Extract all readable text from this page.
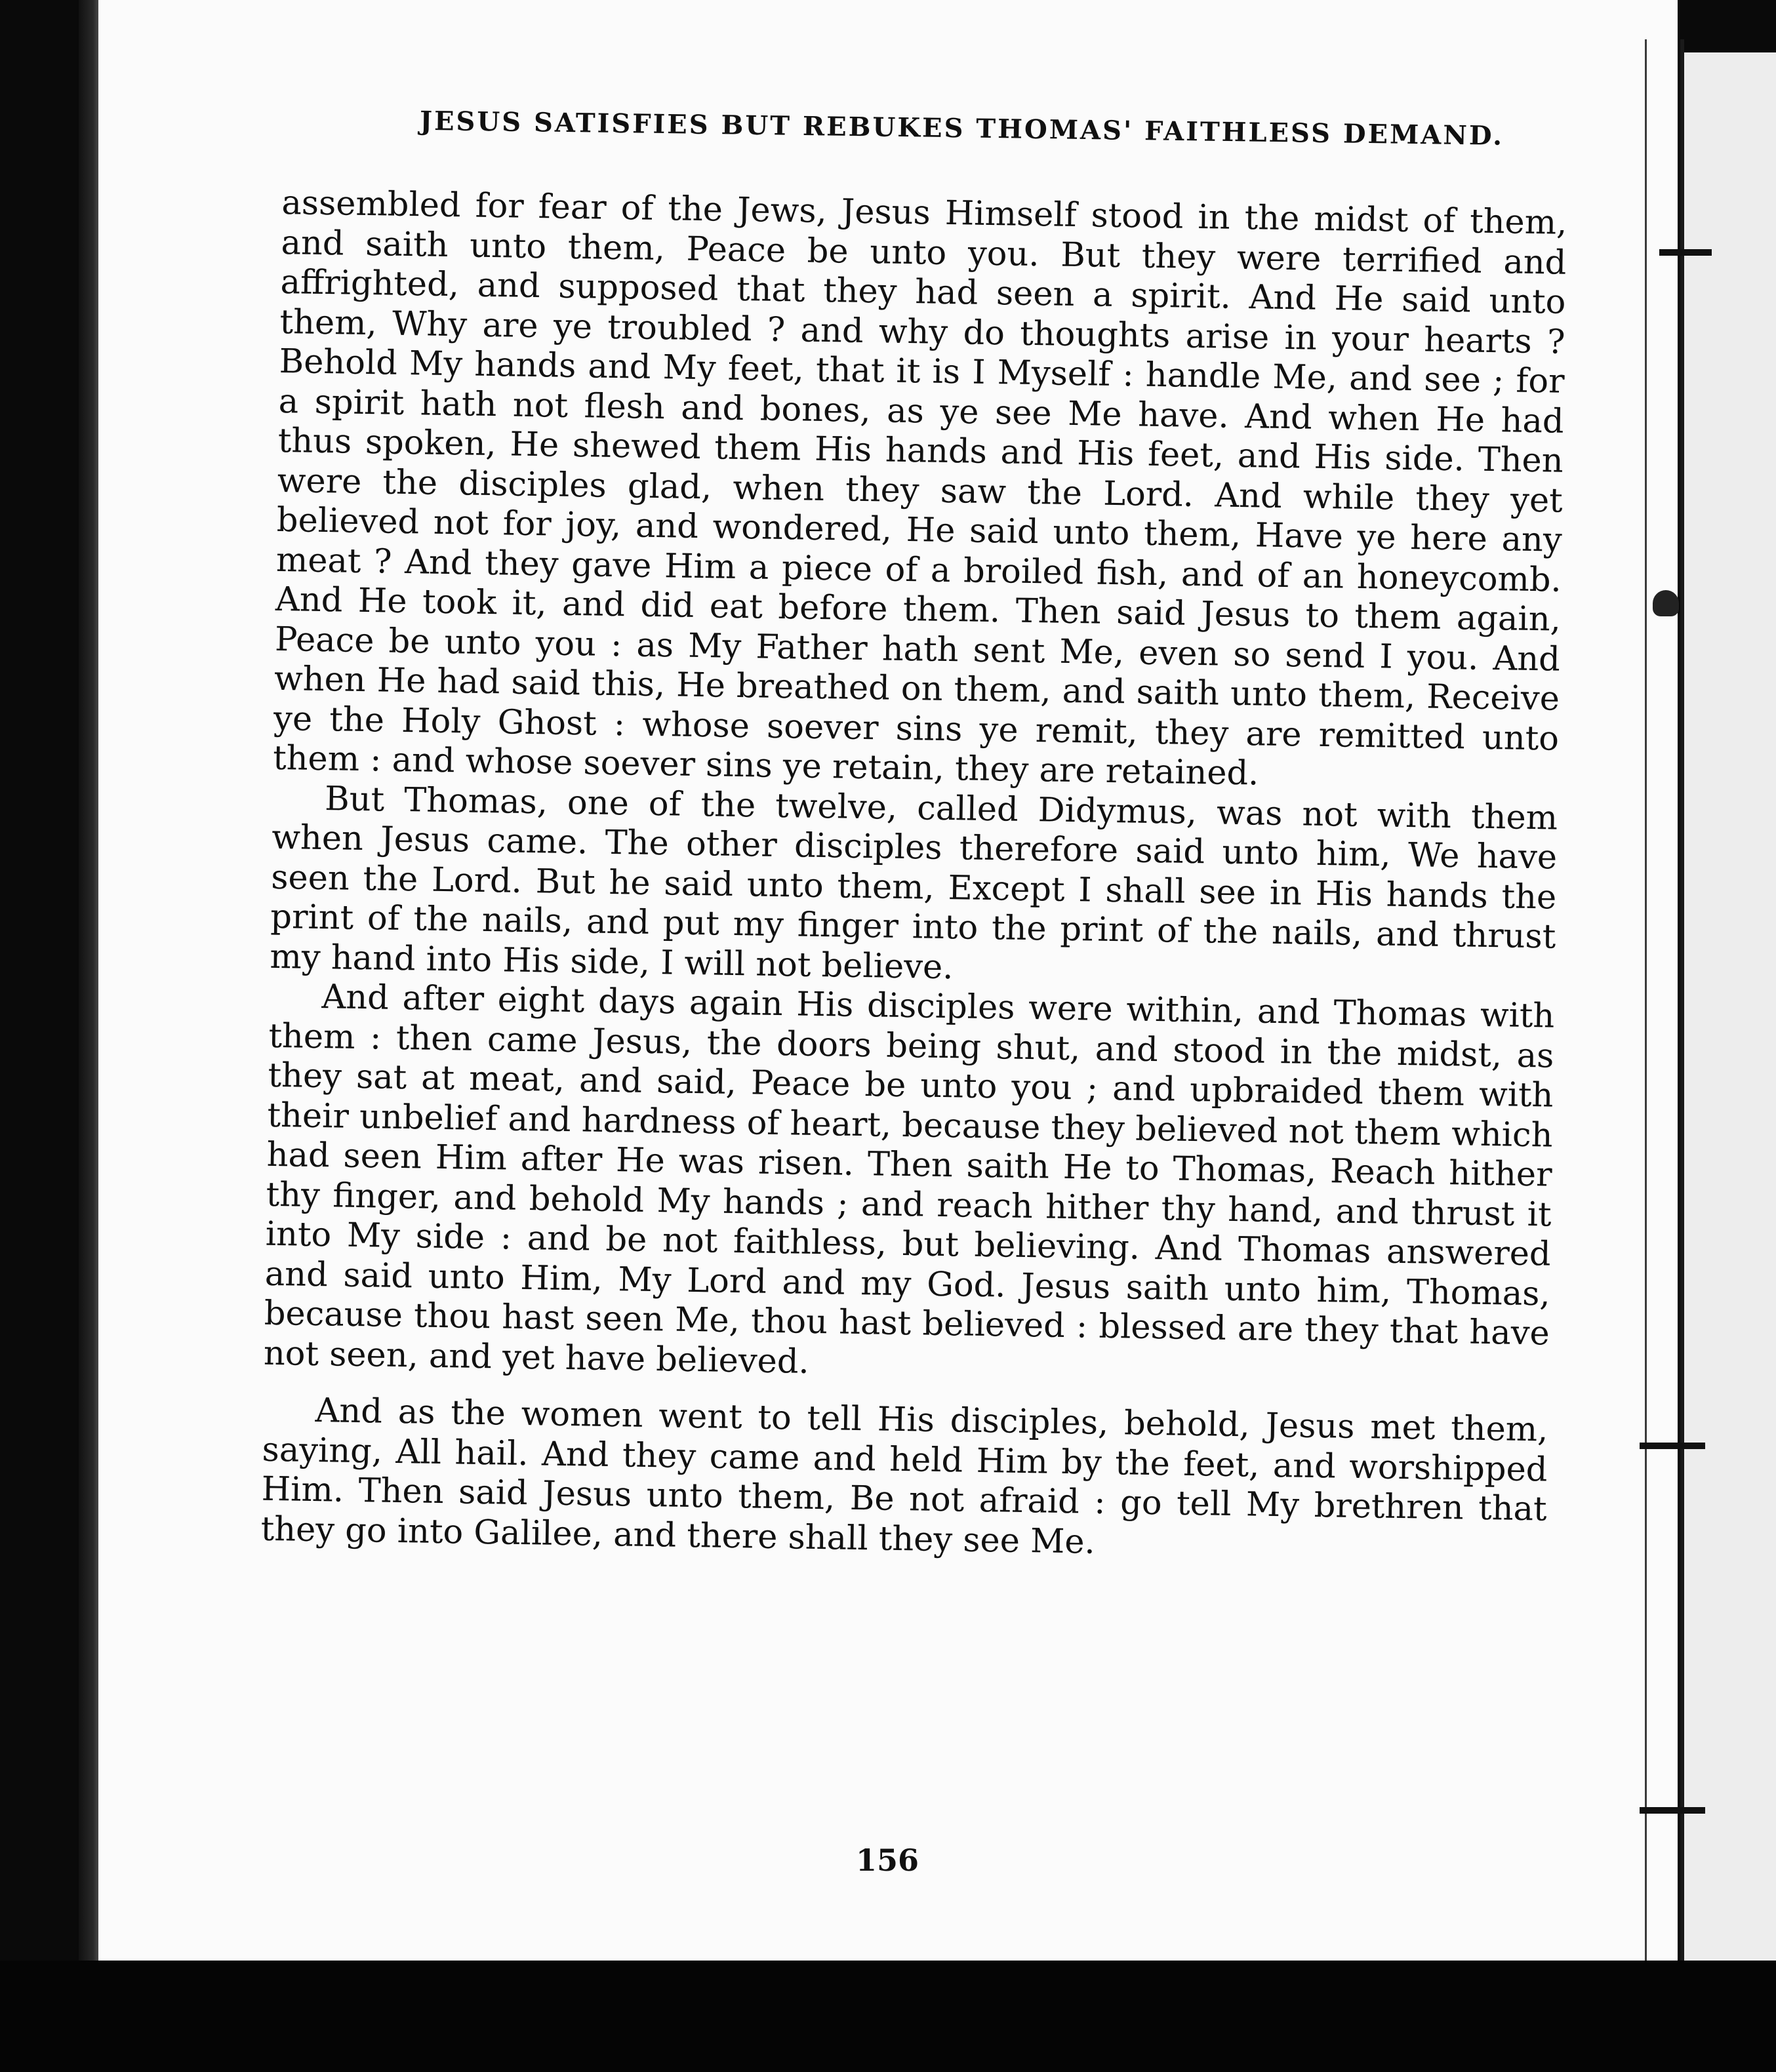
JESUS SATISFIES BUT REBUKES THOMAS' FAITHLESS DEMAND.

assembled for fear of the Jews, Jesus Himself stood in the midst of them, and saith unto them, Peace be unto you. But they were terrified and affrighted, and supposed that they had seen a spirit. And He said unto them, Why are ye troubled ? and why do thoughts arise in your hearts ? Behold My hands and My feet, that it is I Myself : handle Me, and see ; for a spirit hath not flesh and bones, as ye see Me have. And when He had thus spoken, He shewed them His hands and His feet, and His side. Then were the disciples glad, when they saw the Lord. And while they yet believed not for joy, and wondered, He said unto them, Have ye here any meat ? And they gave Him a piece of a broiled fish, and of an honeycomb. And He took it, and did eat before them. Then said Jesus to them again, Peace be unto you : as My Father hath sent Me, even so send I you. And when He had said this, He breathed on them, and saith unto them, Receive ye the Holy Ghost : whose soever sins ye remit, they are remitted unto them : and whose soever sins ye retain, they are retained.

But Thomas, one of the twelve, called Didymus, was not with them when Jesus came. The other disciples therefore said unto him, We have seen the Lord. But he said unto them, Except I shall see in His hands the print of the nails, and put my finger into the print of the nails, and thrust my hand into His side, I will not believe.

And after eight days again His disciples were within, and Thomas with them : then came Jesus, the doors being shut, and stood in the midst, as they sat at meat, and said, Peace be unto you ; and upbraided them with their unbelief and hardness of heart, because they believed not them which had seen Him after He was risen. Then saith He to Thomas, Reach hither thy finger, and behold My hands ; and reach hither thy hand, and thrust it into My side : and be not faithless, but believing. And Thomas answered and said unto Him, My Lord and my God. Jesus saith unto him, Thomas, because thou hast seen Me, thou hast believed : blessed are they that have not seen, and yet have believed.

And as the women went to tell His disciples, behold, Jesus met them, saying, All hail. And they came and held Him by the feet, and worshipped Him. Then said Jesus unto them, Be not afraid : go tell My brethren that they go into Galilee, and there shall they see Me.

156
